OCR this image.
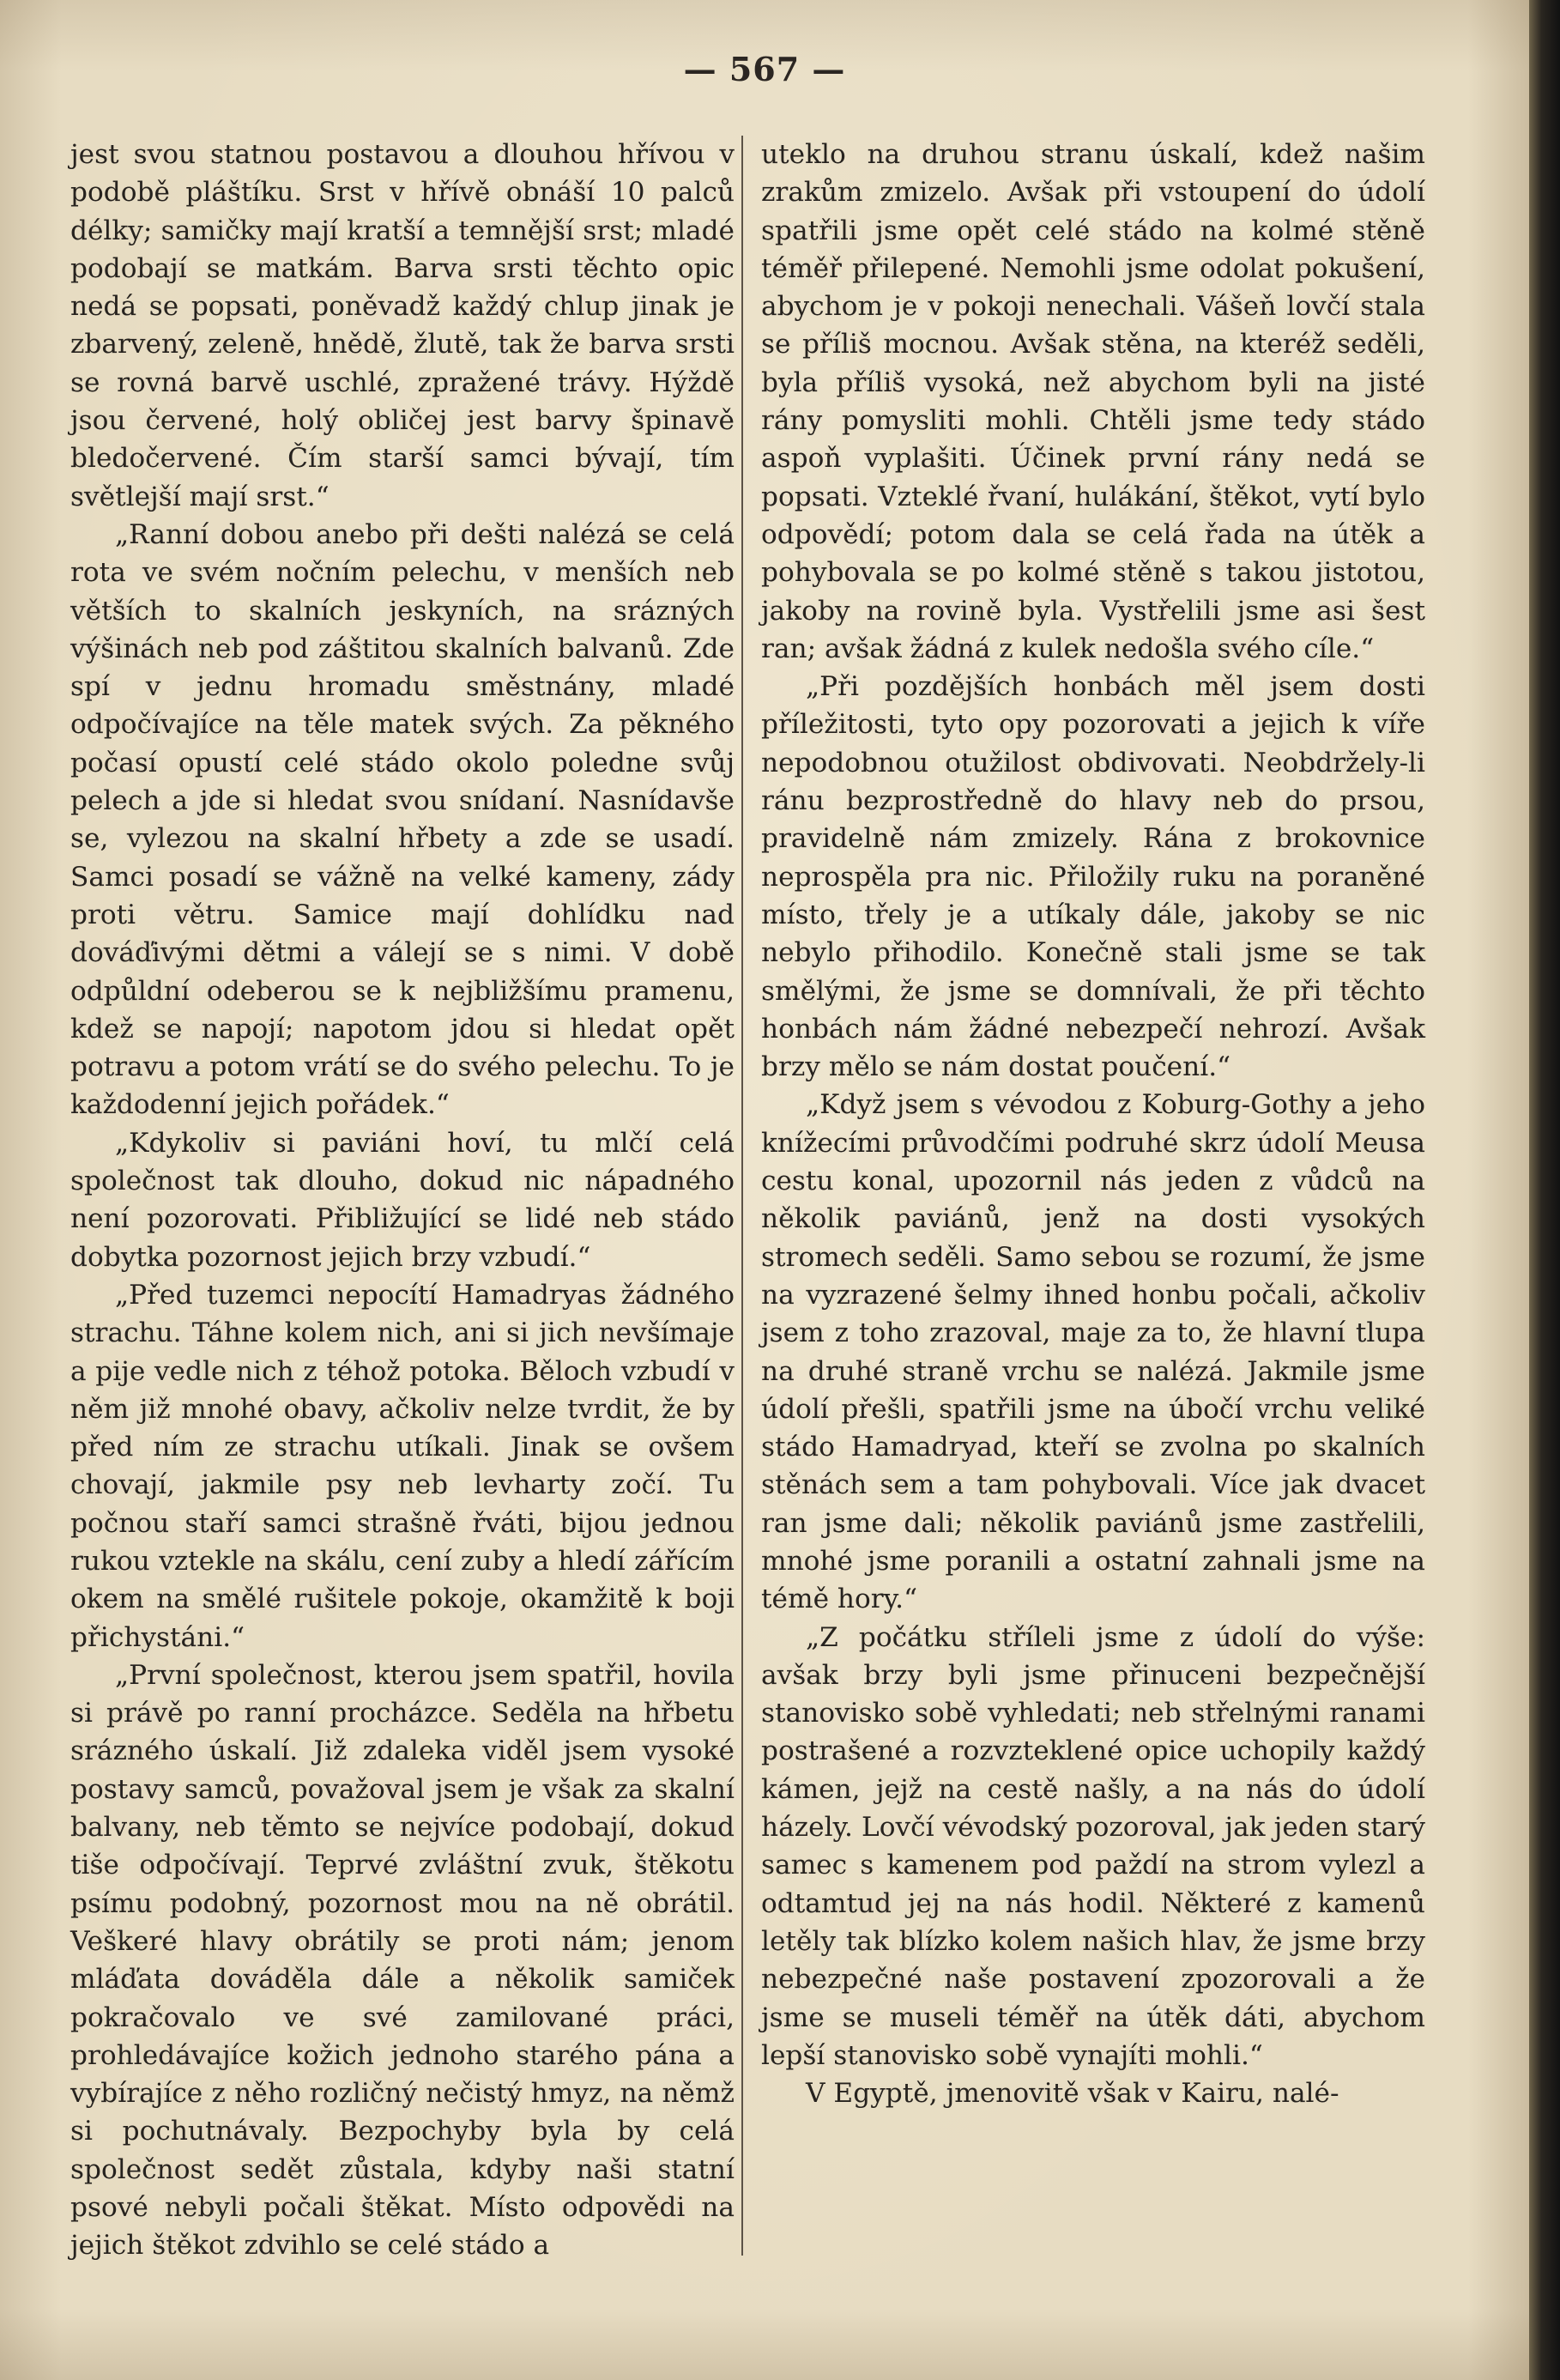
— 567 —

jest svou statnou postavou a dlouhou hřívou v podobě pláštíku. Srst v hřívě obnáší 10 palců délky; samičky mají kratší a temnější srst; mladé podobají se matkám. Barva srsti těchto opic nedá se popsati, poněvadž každý chlup jinak je zbarvený, zeleně, hnědě, žlutě, tak že barva srsti se rovná barvě uschlé, zpražené trávy. Hýždě jsou červené, holý obličej jest barvy špinavě bledočervené. Čím starší samci bývají, tím světlejší mají srst.“

„Ranní dobou anebo při dešti nalézá se celá rota ve svém nočním pelechu, v menších neb větších to skalních jeskyních, na srázných výšinách neb pod záštitou skalních balvanů. Zde spí v jednu hromadu směstnány, mladé odpočívajíce na těle matek svých. Za pěkného počasí opustí celé stádo okolo poledne svůj pelech a jde si hledat svou snídaní. Nasnídavše se, vylezou na skalní hřbety a zde se usadí. Samci posadí se vážně na velké kameny, zády proti větru. Samice mají dohlídku nad dováďivými dětmi a válejí se s nimi. V době odpůldní odeberou se k nejbližšímu pramenu, kdež se napojí; napotom jdou si hledat opět potravu a potom vrátí se do svého pelechu. To je každodenní jejich pořádek.“

„Kdykoliv si paviáni hoví, tu mlčí celá společnost tak dlouho, dokud nic nápadného není pozorovati. Přibližující se lidé neb stádo dobytka pozornost jejich brzy vzbudí.“

„Před tuzemci nepocítí Hamadryas žádného strachu. Táhne kolem nich, ani si jich nevšímaje a pije vedle nich z téhož potoka. Běloch vzbudí v něm již mnohé obavy, ačkoliv nelze tvrdit, že by před ním ze strachu utíkali. Jinak se ovšem chovají, jakmile psy neb levharty zočí. Tu počnou staří samci strašně řváti, bijou jednou rukou vztekle na skálu, cení zuby a hledí zářícím okem na smělé rušitele pokoje, okamžitě k boji přichystáni.“

„První společnost, kterou jsem spatřil, hovila si právě po ranní procházce. Seděla na hřbetu srázného úskalí. Již zdaleka viděl jsem vysoké postavy samců, považoval jsem je však za skalní balvany, neb těmto se nejvíce podobají, dokud tiše odpočívají. Teprvé zvláštní zvuk, štěkotu psímu podobný, pozornost mou na ně obrátil. Veškeré hlavy obrátily se proti nám; jenom mláďata dováděla dále a několik samiček pokračovalo ve své zamilované práci, prohledávajíce kožich jednoho starého pána a vybírajíce z něho rozličný nečistý hmyz, na němž si pochutnávaly. Bezpochyby byla by celá společnost sedět zůstala, kdyby naši statní psové nebyli počali štěkat. Místo odpovědi na jejich štěkot zdvihlo se celé stádo a

uteklo na druhou stranu úskalí, kdež našim zrakům zmizelo. Avšak při vstoupení do údolí spatřili jsme opět celé stádo na kolmé stěně téměř přilepené. Nemohli jsme odolat pokušení, abychom je v pokoji nenechali. Vášeň lovčí stala se příliš mocnou. Avšak stěna, na kteréž seděli, byla příliš vysoká, než abychom byli na jisté rány pomysliti mohli. Chtěli jsme tedy stádo aspoň vyplašiti. Účinek první rány nedá se popsati. Vzteklé řvaní, hulákání, štěkot, vytí bylo odpovědí; potom dala se celá řada na útěk a pohybovala se po kolmé stěně s takou jistotou, jakoby na rovině byla. Vystřelili jsme asi šest ran; avšak žádná z kulek nedošla svého cíle.“

„Při pozdějších honbách měl jsem dosti příležitosti, tyto opy pozorovati a jejich k víře nepodobnou otužilost obdivovati. Neobdržely-li ránu bezprostředně do hlavy neb do prsou, pravidelně nám zmizely. Rána z brokovnice neprospěla pra nic. Přiložily ruku na poraněné místo, třely je a utíkaly dále, jakoby se nic nebylo přihodilo. Konečně stali jsme se tak smělými, že jsme se domnívali, že při těchto honbách nám žádné nebezpečí nehrozí. Avšak brzy mělo se nám dostat poučení.“

„Když jsem s vévodou z Koburg-Gothy a jeho knížecími průvodčími podruhé skrz údolí Meusa cestu konal, upozornil nás jeden z vůdců na několik paviánů, jenž na dosti vysokých stromech seděli. Samo sebou se rozumí, že jsme na vyzrazené šelmy ihned honbu počali, ačkoliv jsem z toho zrazoval, maje za to, že hlavní tlupa na druhé straně vrchu se nalézá. Jakmile jsme údolí přešli, spatřili jsme na úbočí vrchu veliké stádo Hamadryad, kteří se zvolna po skalních stěnách sem a tam pohybovali. Více jak dvacet ran jsme dali; několik paviánů jsme zastřelili, mnohé jsme poranili a ostatní zahnali jsme na témě hory.“

„Z počátku stříleli jsme z údolí do výše: avšak brzy byli jsme přinuceni bezpečnější stanovisko sobě vyhledati; neb střelnými ranami postrašené a rozvzteklené opice uchopily každý kámen, jejž na cestě našly, a na nás do údolí házely. Lovčí vévodský pozoroval, jak jeden starý samec s kamenem pod paždí na strom vylezl a odtamtud jej na nás hodil. Některé z kamenů letěly tak blízko kolem našich hlav, že jsme brzy nebezpečné naše postavení zpozorovali a že jsme se museli téměř na útěk dáti, abychom lepší stanovisko sobě vynajíti mohli.“

V Egyptě, jmenovitě však v Kairu, nalé-
